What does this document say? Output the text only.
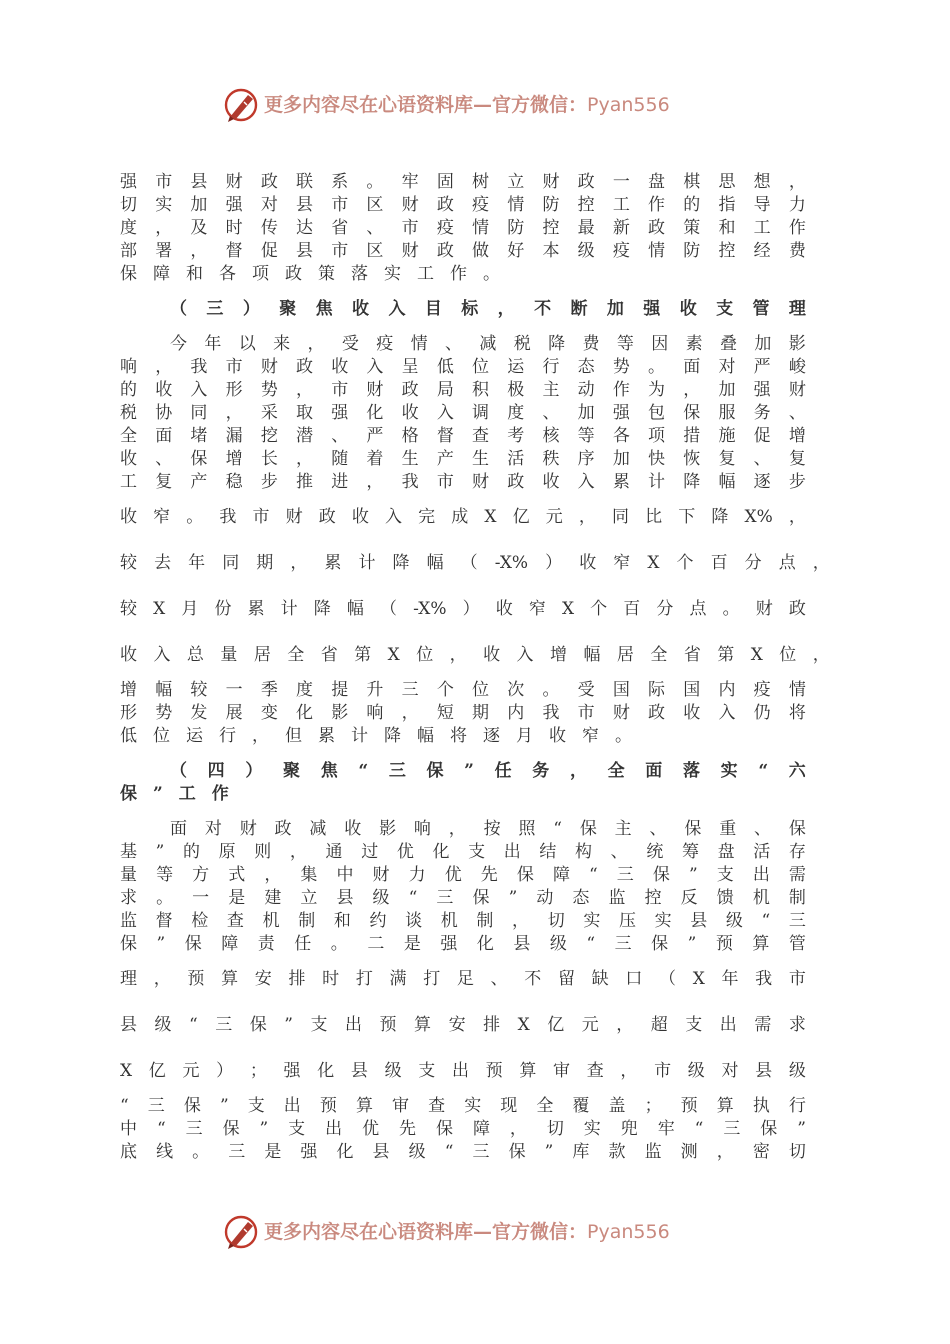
更多内容尽在心语资料库—官方微信：Pyan556
强 市 县 财 政 联 系 。 牢 固 树 立 财 政 一 盘 棋 思 想 ，
切 实 加 强 对 县 市 区 财 政 疫 情 防 控 工 作 的 指 导 力
度 ， 及 时 传 达 省 、 市 疫 情 防 控 最 新 政 策 和 工 作
部 署 ， 督 促 县 市 区 财 政 做 好 本 级 疫 情 防 控 经 费
保 障 和 各 项 政 策 落 实 工 作 。
（ 三 ） 聚 焦 收 入 目 标 ， 不 断 加 强 收 支 管 理
今 年 以 来 ， 受 疫 情 、 减 税 降 费 等 因 素 叠 加 影
响 ， 我 市 财 政 收 入 呈 低 位 运 行 态 势 。 面 对 严 峻
的 收 入 形 势 ， 市 财 政 局 积 极 主 动 作 为 ， 加 强 财
税 协 同 ， 采 取 强 化 收 入 调 度 、 加 强 包 保 服 务 、
全 面 堵 漏 挖 潜 、 严 格 督 查 考 核 等 各 项 措 施 促 增
收 、 保 增 长 ， 随 着 生 产 生 活 秩 序 加 快 恢 复 、 复
工 复 产 稳 步 推 进 ， 我 市 财 政 收 入 累 计 降 幅 逐 步
收 窄 。 我 市 财 政 收 入 完 成 X 亿 元 ， 同 比 下 降 X% ，
较 去 年 同 期 ， 累 计 降 幅 （ -X% ） 收 窄 X 个 百 分 点 ，
较 X 月 份 累 计 降 幅 （ -X% ） 收 窄 X 个 百 分 点 。 财 政
收 入 总 量 居 全 省 第 X 位 ， 收 入 增 幅 居 全 省 第 X 位 ，
增 幅 较 一 季 度 提 升 三 个 位 次 。 受 国 际 国 内 疫 情
形 势 发 展 变 化 影 响 ， 短 期 内 我 市 财 政 收 入 仍 将
低 位 运 行 ， 但 累 计 降 幅 将 逐 月 收 窄 。
（ 四 ） 聚 焦 “ 三 保 ” 任 务 ， 全 面 落 实 “ 六
保 ” 工 作
面 对 财 政 减 收 影 响 ， 按 照 “ 保 主 、 保 重 、 保
基 ” 的 原 则 ， 通 过 优 化 支 出 结 构 、 统 筹 盘 活 存
量 等 方 式 ， 集 中 财 力 优 先 保 障 “ 三 保 ” 支 出 需
求 。 一 是 建 立 县 级 “ 三 保 ” 动 态 监 控 反 馈 机 制
监 督 检 查 机 制 和 约 谈 机 制 ， 切 实 压 实 县 级 “ 三
保 ” 保 障 责 任 。 二 是 强 化 县 级 “ 三 保 ” 预 算 管
理 ， 预 算 安 排 时 打 满 打 足 、 不 留 缺 口 （ X 年 我 市
县 级 “ 三 保 ” 支 出 预 算 安 排 X 亿 元 ， 超 支 出 需 求
X 亿 元 ） ； 强 化 县 级 支 出 预 算 审 查 ， 市 级 对 县 级
“ 三 保 ” 支 出 预 算 审 查 实 现 全 覆 盖 ； 预 算 执 行
中 “ 三 保 ” 支 出 优 先 保 障 ， 切 实 兜 牢 “ 三 保 ”
底 线 。 三 是 强 化 县 级 “ 三 保 ” 库 款 监 测 ， 密 切
更多内容尽在心语资料库—官方微信：Pyan556
